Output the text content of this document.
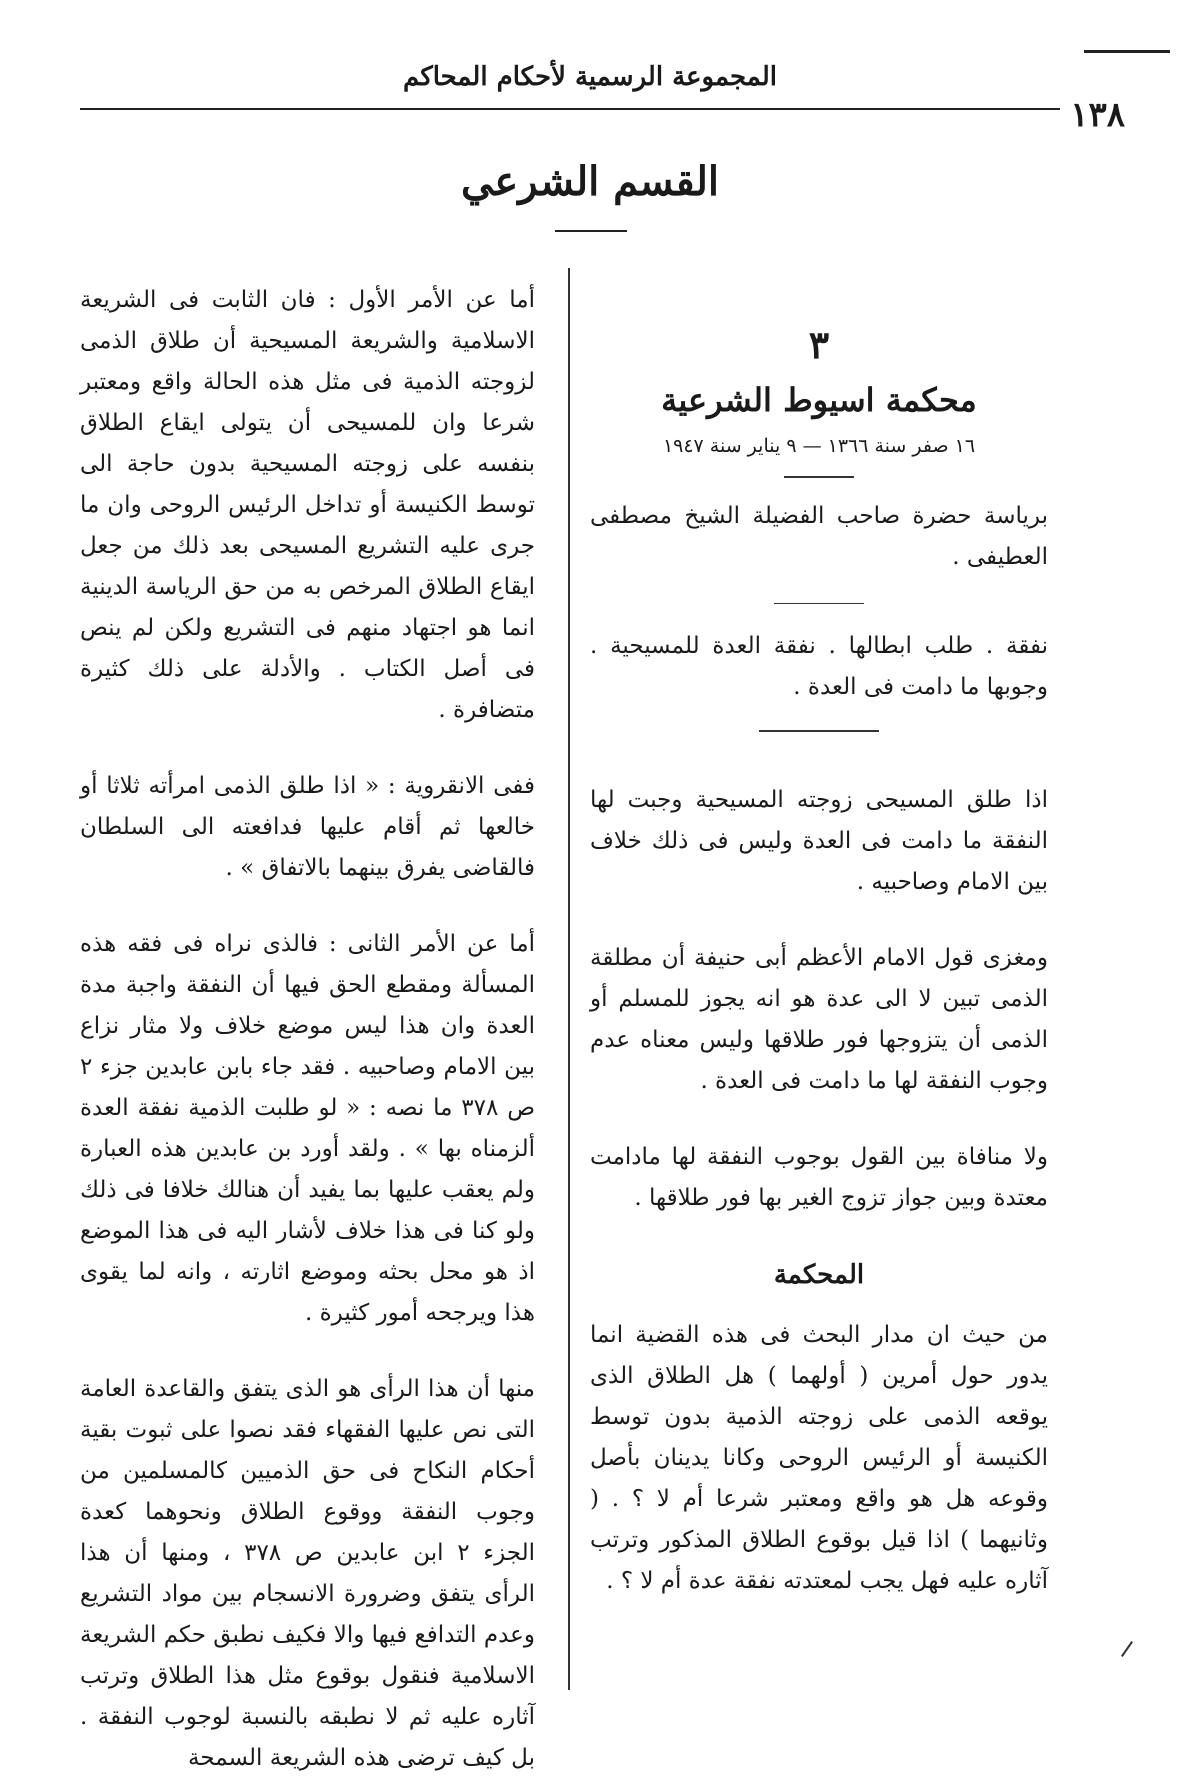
المجموعة الرسمية لأحكام المحاكم
١٣٨
القسم الشرعي

٣

محكمة اسيوط الشرعية

١٦ صفر سنة ١٣٦٦ — ٩ يناير سنة ١٩٤٧

برياسة حضرة صاحب الفضيلة الشيخ مصطفى العطيفى .

نفقة . طلب ابطالها . نفقة العدة للمسيحية . وجوبها ما دامت فى العدة .

اذا طلق المسيحى زوجته المسيحية وجبت لها النفقة ما دامت فى العدة وليس فى ذلك خلاف بين الامام وصاحبيه .

ومغزى قول الامام الأعظم أبى حنيفة أن مطلقة الذمى تبين لا الى عدة هو انه يجوز للمسلم أو الذمى أن يتزوجها فور طلاقها وليس معناه عدم وجوب النفقة لها ما دامت فى العدة .

ولا منافاة بين القول بوجوب النفقة لها مادامت معتدة وبين جواز تزوج الغير بها فور طلاقها .

المحكمة

من حيث ان مدار البحث فى هذه القضية انما يدور حول أمرين ( أولهما ) هل الطلاق الذى يوقعه الذمى على زوجته الذمية بدون توسط الكنيسة أو الرئيس الروحى وكانا يدينان بأصل وقوعه هل هو واقع ومعتبر شرعا أم لا ؟ . ( وثانيهما ) اذا قيل بوقوع الطلاق المذكور وترتب آثاره عليه فهل يجب لمعتدته نفقة عدة أم لا ؟ .

أما عن الأمر الأول : فان الثابت فى الشريعة الاسلامية والشريعة المسيحية أن طلاق الذمى لزوجته الذمية فى مثل هذه الحالة واقع ومعتبر شرعا وان للمسيحى أن يتولى ايقاع الطلاق بنفسه على زوجته المسيحية بدون حاجة الى توسط الكنيسة أو تداخل الرئيس الروحى وان ما جرى عليه التشريع المسيحى بعد ذلك من جعل ايقاع الطلاق المرخص به من حق الرياسة الدينية انما هو اجتهاد منهم فى التشريع ولكن لم ينص فى أصل الكتاب . والأدلة على ذلك كثيرة متضافرة .

ففى الانقروية : « اذا طلق الذمى امرأته ثلاثا أو خالعها ثم أقام عليها فدافعته الى السلطان فالقاضى يفرق بينهما بالاتفاق » .

أما عن الأمر الثانى : فالذى نراه فى فقه هذه المسألة ومقطع الحق فيها أن النفقة واجبة مدة العدة وان هذا ليس موضع خلاف ولا مثار نزاع بين الامام وصاحبيه . فقد جاء بابن عابدين جزء ٢ ص ٣٧٨ ما نصه : « لو طلبت الذمية نفقة العدة ألزمناه بها » . ولقد أورد بن عابدين هذه العبارة ولم يعقب عليها بما يفيد أن هنالك خلافا فى ذلك ولو كنا فى هذا خلاف لأشار اليه فى هذا الموضع اذ هو محل بحثه وموضع اثارته ، وانه لما يقوى هذا ويرجحه أمور كثيرة .

منها أن هذا الرأى هو الذى يتفق والقاعدة العامة التى نص عليها الفقهاء فقد نصوا على ثبوت بقية أحكام النكاح فى حق الذميين كالمسلمين من وجوب النفقة ووقوع الطلاق ونحوهما كعدة الجزء ٢ ابن عابدين ص ٣٧٨ ، ومنها أن هذا الرأى يتفق وضرورة الانسجام بين مواد التشريع وعدم التدافع فيها والا فكيف نطبق حكم الشريعة الاسلامية فنقول بوقوع مثل هذا الطلاق وترتب آثاره عليه ثم لا نطبقه بالنسبة لوجوب النفقة . بل كيف ترضى هذه الشريعة السمحة
